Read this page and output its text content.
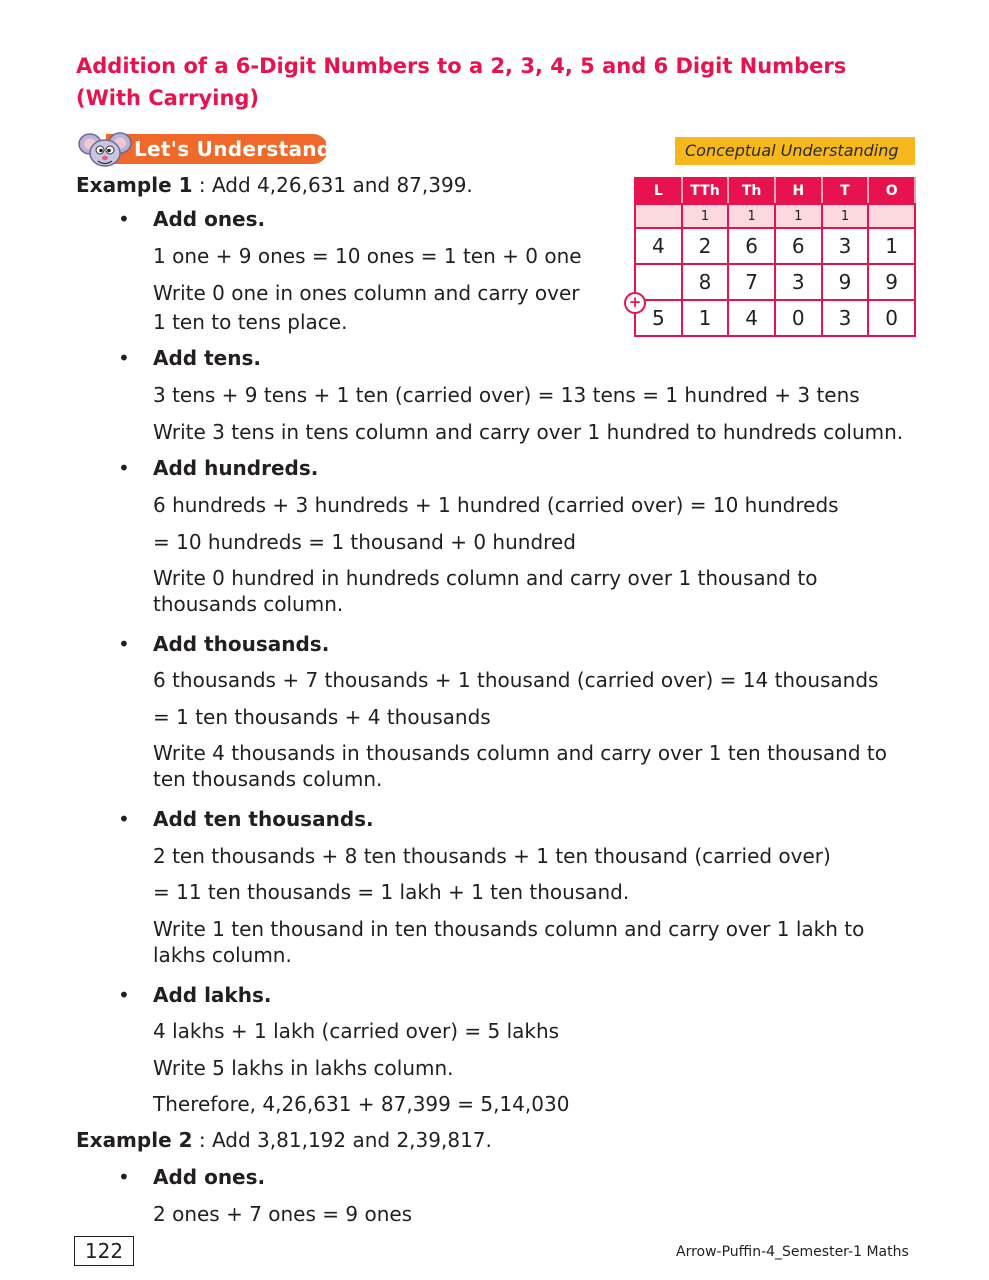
Addition of a 6-Digit Numbers to a 2, 3, 4, 5 and 6 Digit Numbers (With Carrying)
Let's Understand	Conceptual Understanding
L	TTh	Th	H	T	O
	1	1	1	1	
4	2	6	6	3	1
	8	7	3	9	9
5	1	4	0	3	0
+

Example 1 : Add 4,26,631 and 87,399.

• Add ones.

1 one + 9 ones = 10 ones = 1 ten + 0 one

Write 0 one in ones column and carry over

1 ten to tens place.

• Add tens.

3 tens + 9 tens + 1 ten (carried over) = 13 tens = 1 hundred + 3 tens

Write 3 tens in tens column and carry over 1 hundred to hundreds column.

• Add hundreds.

6 hundreds + 3 hundreds + 1 hundred (carried over) = 10 hundreds

= 10 hundreds = 1 thousand + 0 hundred

Write 0 hundred in hundreds column and carry over 1 thousand to thousands column.

• Add thousands.

6 thousands + 7 thousands + 1 thousand (carried over) = 14 thousands

= 1 ten thousands + 4 thousands

Write 4 thousands in thousands column and carry over 1 ten thousand to ten thousands column.

• Add ten thousands.

2 ten thousands + 8 ten thousands + 1 ten thousand (carried over)

= 11 ten thousands = 1 lakh + 1 ten thousand.

Write 1 ten thousand in ten thousands column and carry over 1 lakh to lakhs column.

• Add lakhs.

4 lakhs + 1 lakh (carried over) = 5 lakhs

Write 5 lakhs in lakhs column.

Therefore, 4,26,631 + 87,399 = 5,14,030

Example 2 : Add 3,81,192 and 2,39,817.

• Add ones.

2 ones + 7 ones = 9 ones

122	Arrow-Puffin-4_Semester-1 Maths
